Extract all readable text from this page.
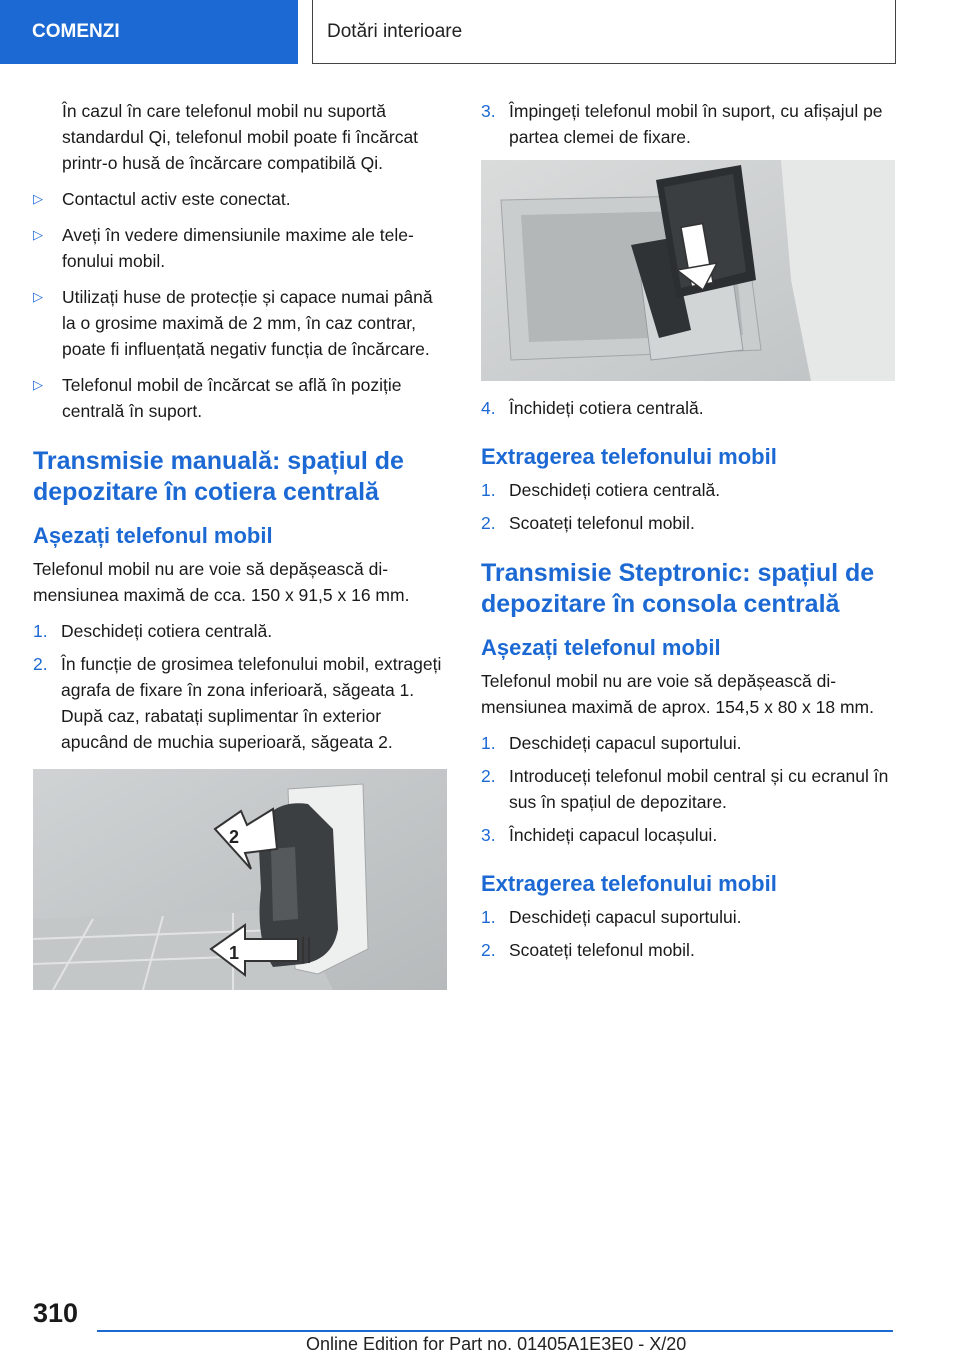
COMENZI	Dotări interioare

În cazul în care telefonul mobil nu suportă standardul Qi, telefonul mobil poate fi încărcat printr-o husă de încărcare compatibilă Qi.

▷ Contactul activ este conectat.
▷ Aveți în vedere dimensiunile maxime ale telefonului mobil.
▷ Utilizați huse de protecție și capace numai până la o grosime maximă de 2 mm, în caz contrar, poate fi influențată negativ funcția de încărcare.
▷ Telefonul mobil de încărcat se află în poziție centrală în suport.
Transmisie manuală: spațiul de depozitare în cotiera centrală
Așezați telefonul mobil

Telefonul mobil nu are voie să depășească dimensiunea maximă de cca. 150 x 91,5 x 16 mm.

1. Deschideți cotiera centrală.
2. În funcție de grosimea telefonului mobil, extrageți agrafa de fixare în zona inferioară, săgeata 1. După caz, rabatați suplimentar în exterior apucând de muchia superioară, săgeata 2.
2
1
3. Împingeți telefonul mobil în suport, cu afișajul pe partea clemei de fixare.
4. Închideți cotiera centrală.
Extragerea telefonului mobil
1. Deschideți cotiera centrală.
2. Scoateți telefonul mobil.
Transmisie Steptronic: spațiul de depozitare în consola centrală
Așezați telefonul mobil

Telefonul mobil nu are voie să depășească dimensiunea maximă de aprox. 154,5 x 80 x 18 mm.

1. Deschideți capacul suportului.
2. Introduceți telefonul mobil central și cu ecranul în sus în spațiul de depozitare.
3. Închideți capacul locașului.
Extragerea telefonului mobil
1. Deschideți capacul suportului.
2. Scoateți telefonul mobil.
310
Online Edition for Part no. 01405A1E3E0 - X/20
